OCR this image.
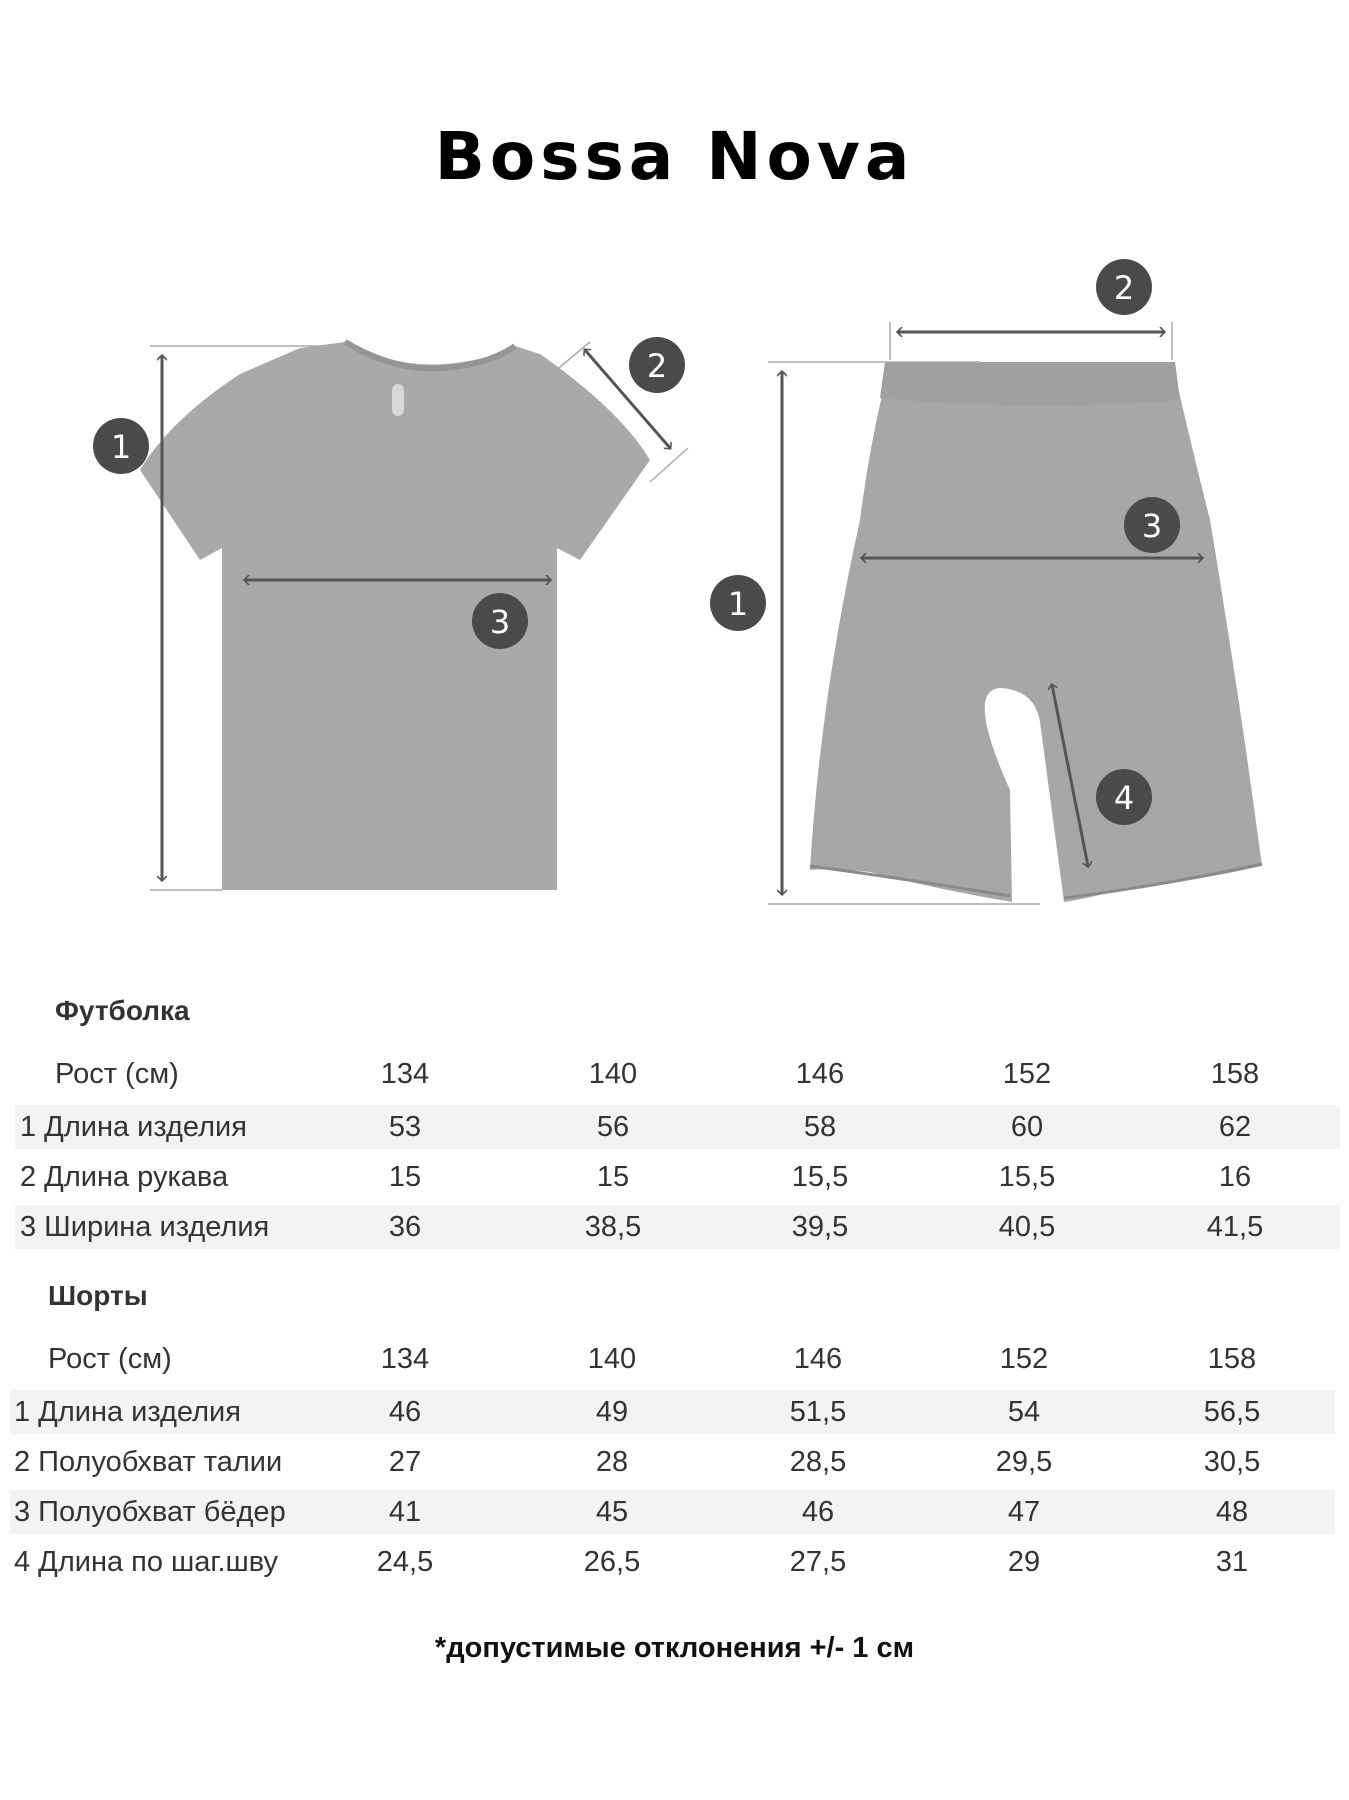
Bossa Nova
1
2
3	1
2
3
4
Футболка
Рост (см)	134	140	146	152	158
1 Длина изделия	53	56	58	60	62
2 Длина рукава	15	15	15,5	15,5	16
3 Ширина изделия	36	38,5	39,5	40,5	41,5
Шорты
Рост (см)	134	140	146	152	158
1 Длина изделия	46	49	51,5	54	56,5
2 Полуобхват талии	27	28	28,5	29,5	30,5
3 Полуобхват бёдер	41	45	46	47	48
4 Длина по шаг.шву	24,5	26,5	27,5	29	31
*допустимые отклонения +/- 1 см
